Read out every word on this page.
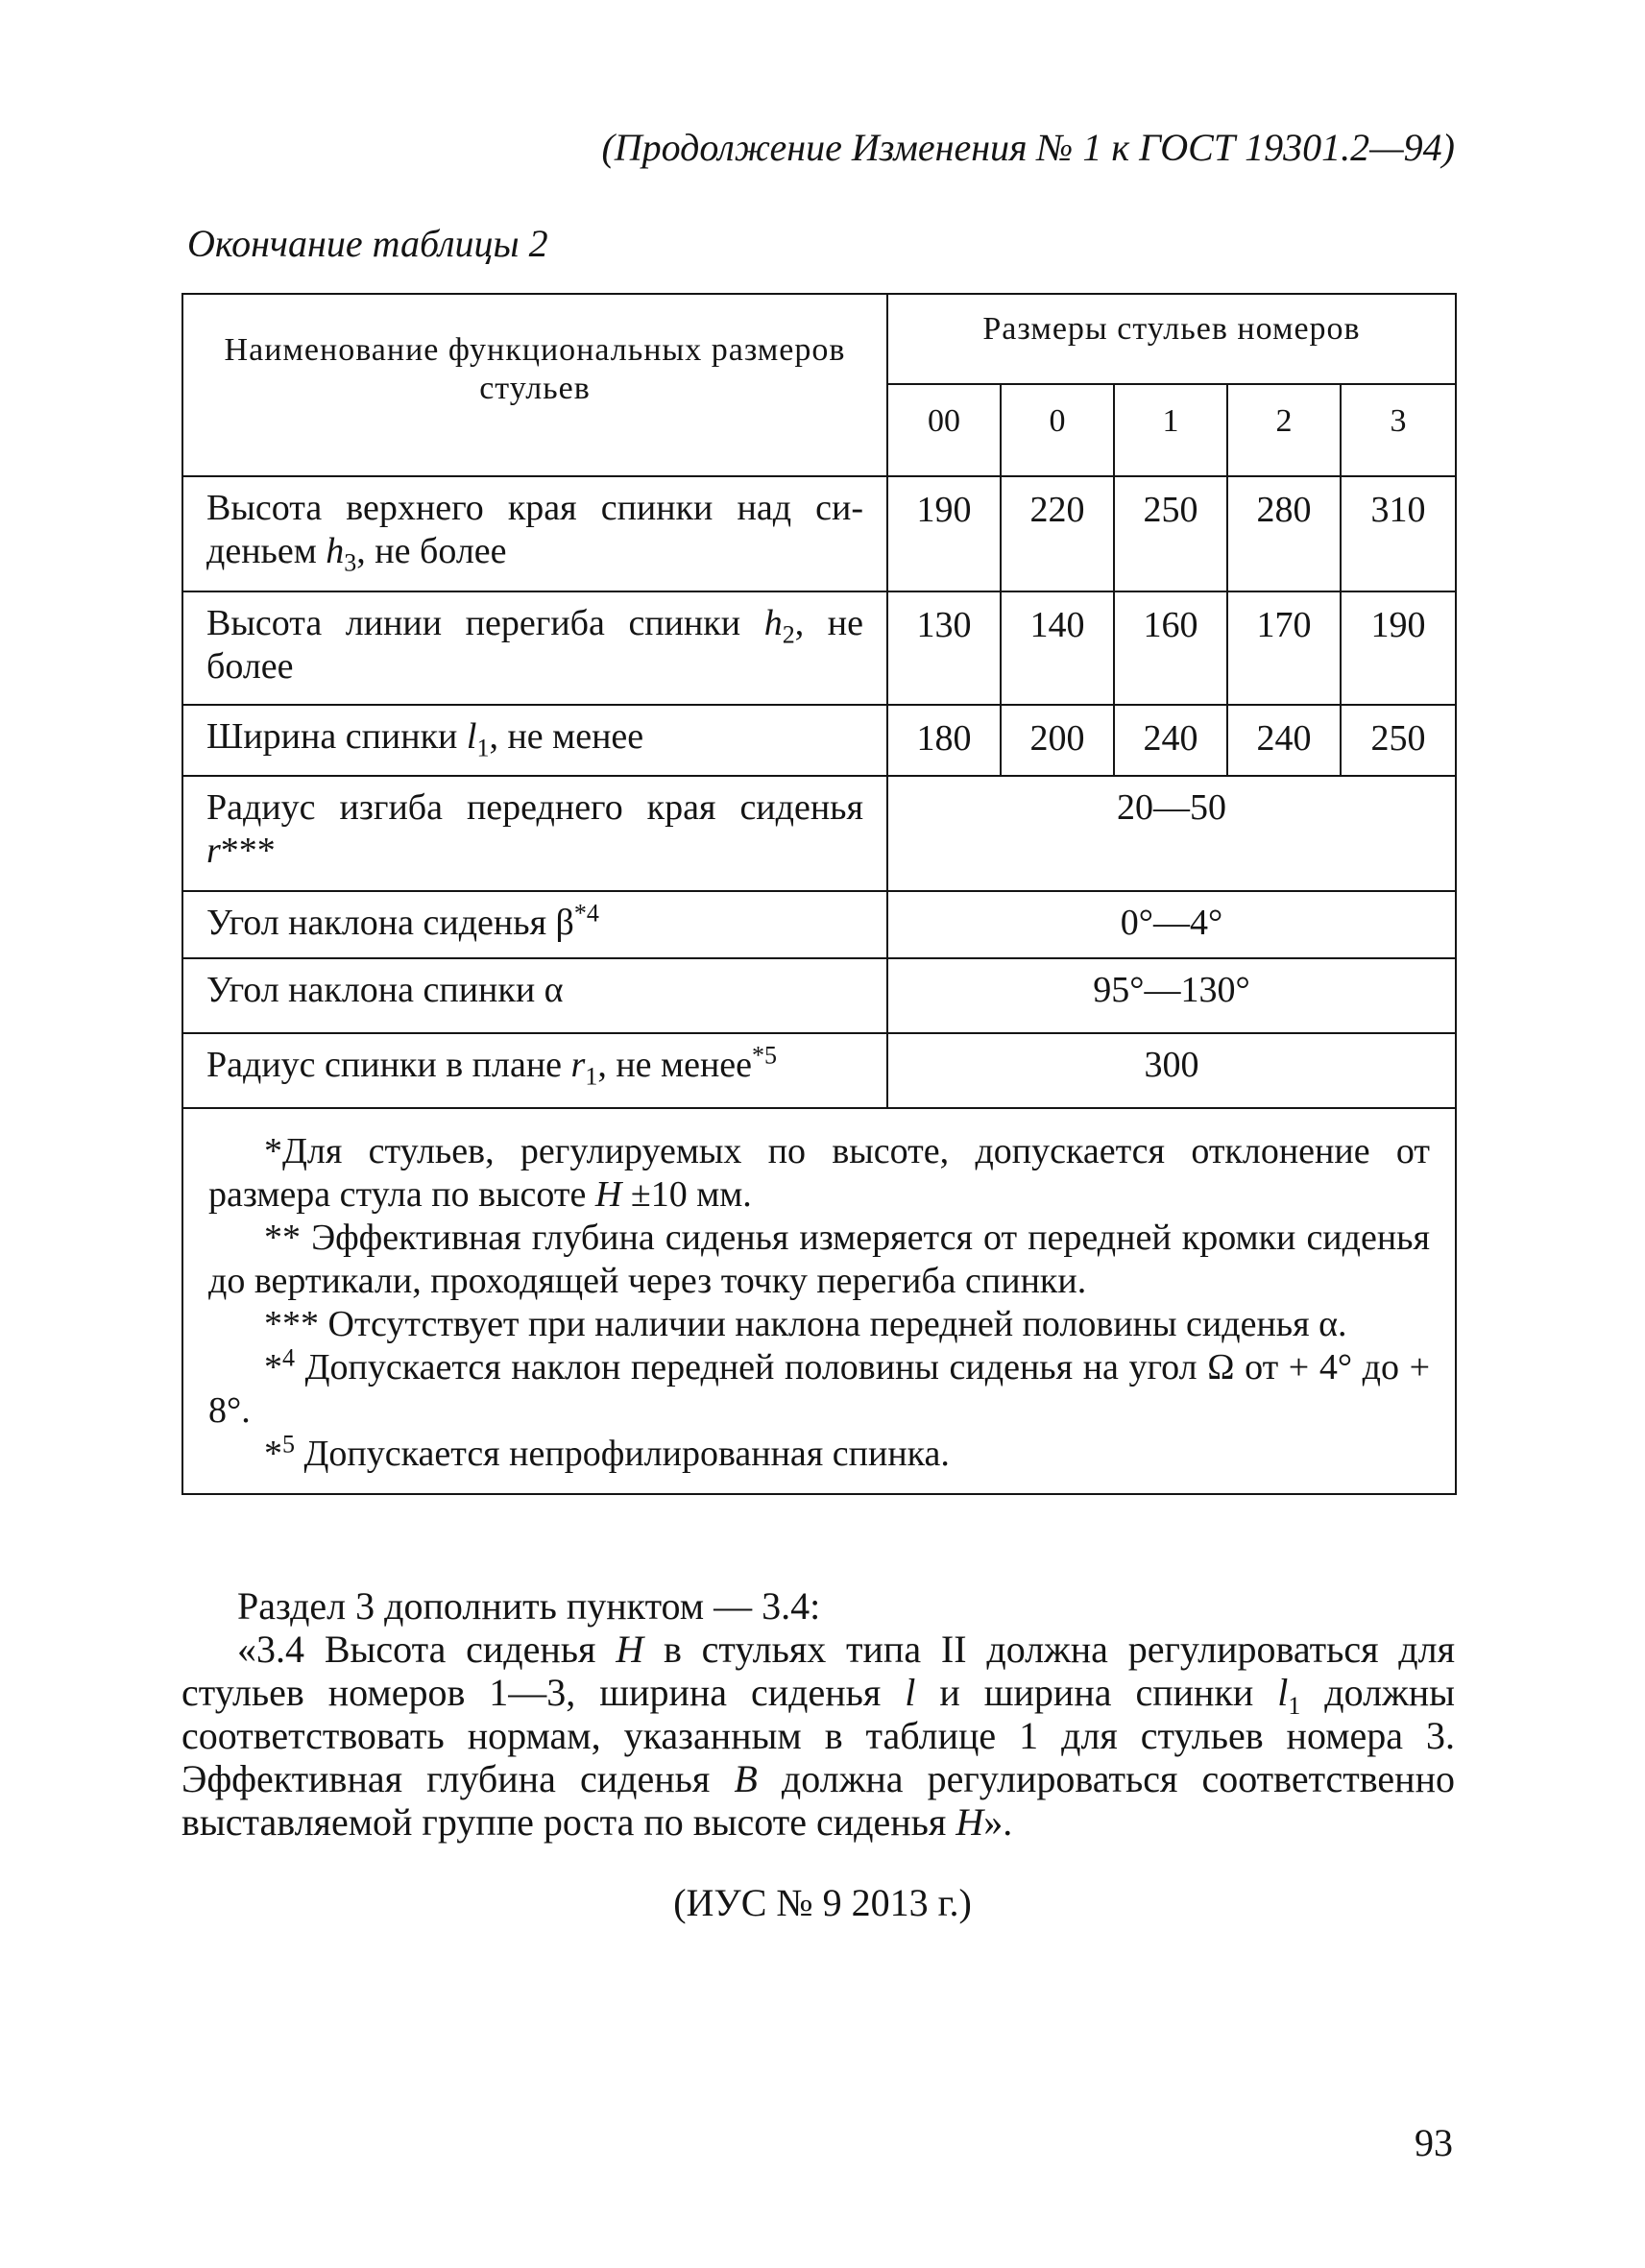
(Продолжение Изменения № 1 к ГОСТ 19301.2—94)
Окончание таблицы 2
Наименование функциональных размеров стульев	Размеры стульев номеров				
	00	0	1	2	3
Высота верхнего края спинки над си-деньем $h_3$, не более	190	220	250	280	310
Высота линии перегиба спинки $h_2$, не более	130	140	160	170	190
Ширина спинки $l_1$, не менее	180	200	240	240	250
Радиус изгиба переднего края сиденья r***	20—50				
Угол наклона сиденья $\beta^{*4}$	0°—4°				
Угол наклона спинки α	95°—130°				
Радиус спинки в плане $r_1$, не менее$^{*5}$	300				

*Для стульев, регулируемых по высоте, допускается отклонение от размера стула по высоте H ±10 мм.

** Эффективная глубина сиденья измеряется от передней кромки сиденья до вертикали, проходящей через точку перегиба спинки.

*** Отсутствует при наличии наклона передней половины сиденья α.

*$^4$ Допускается наклон передней половины сиденья на угол Ω от + 4° до + 8°.

*$^5$ Допускается непрофилированная спинка.					

Раздел 3 дополнить пунктом — 3.4:

«3.4 Высота сиденья H в стульях типа II должна регулироваться для стульев номеров 1—3, ширина сиденья l и ширина спинки $l_1$ должны соответствовать нормам, указанным в таблице 1 для стульев номера 3. Эффективная глубина сиденья B должна регулироваться соответственно выставляемой группе роста по высоте сиденья H».

(ИУС № 9 2013 г.)
93
